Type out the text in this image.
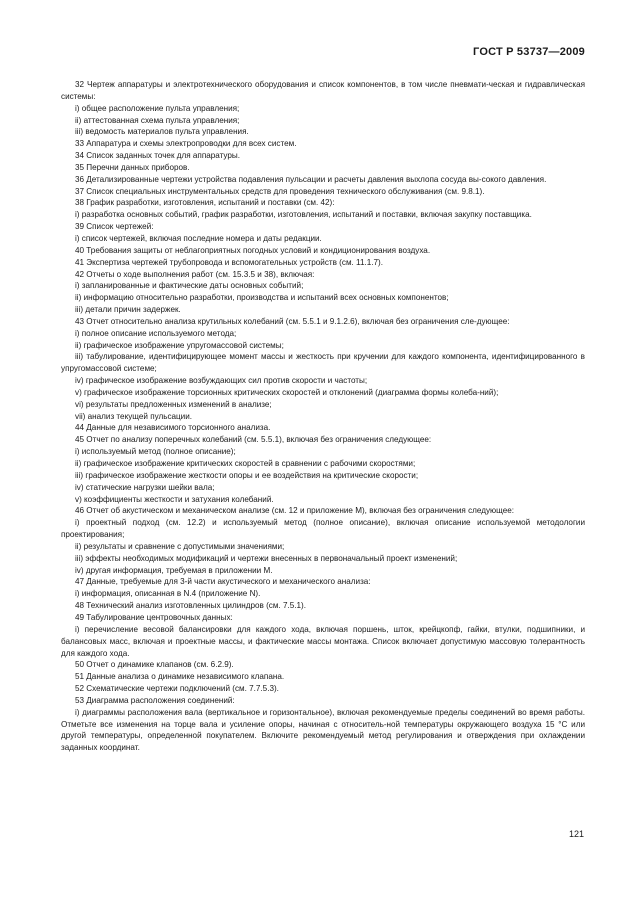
ГОСТ Р 53737—2009

32 Чертеж аппаратуры и электротехнического оборудования и список компонентов, в том числе пневмати-ческая и гидравлическая системы:

i) общее расположение пульта управления;

ii) аттестованная схема пульта управления;

iii) ведомость материалов пульта управления.

33 Аппаратура и схемы электропроводки для всех систем.

34 Список заданных точек для аппаратуры.

35 Перечни данных приборов.

36 Детализированные чертежи устройства подавления пульсации и расчеты давления выхлопа сосуда вы-сокого давления.

37 Список специальных инструментальных средств для проведения технического обслуживания (см. 9.8.1).

38 График разработки, изготовления, испытаний и поставки (см. 42):

i) разработка основных событий, график разработки, изготовления, испытаний и поставки, включая закупку поставщика.

39 Список чертежей:

i) список чертежей, включая последние номера и даты редакции.

40 Требования защиты от неблагоприятных погодных условий и кондиционирования воздуха.

41 Экспертиза чертежей трубопровода и вспомогательных устройств (см. 11.1.7).

42 Отчеты о ходе выполнения работ (см. 15.3.5 и 38), включая:

i) запланированные и фактические даты основных событий;

ii) информацию относительно разработки, производства и испытаний всех основных компонентов;

iii) детали причин задержек.

43 Отчет относительно анализа крутильных колебаний (см. 5.5.1 и 9.1.2.6), включая без ограничения сле-дующее:

i) полное описание используемого метода;

ii) графическое изображение упругомассовой системы;

iii) табулирование, идентифицирующее момент массы и жесткость при кручении для каждого компонента, идентифицированного в упругомассовой системе;

iv) графическое изображение возбуждающих сил против скорости и частоты;

v) графическое изображение торсионных критических скоростей и отклонений (диаграмма формы колеба-ний);

vi) результаты предложенных изменений в анализе;

vii) анализ текущей пульсации.

44 Данные для независимого торсионного анализа.

45 Отчет по анализу поперечных колебаний (см. 5.5.1), включая без ограничения следующее:

i) используемый метод (полное описание);

ii) графическое изображение критических скоростей в сравнении с рабочими скоростями;

iii) графическое изображение жесткости опоры и ее воздействия на критические скорости;

iv) статические нагрузки шейки вала;

v) коэффициенты жесткости и затухания колебаний.

46 Отчет об акустическом и механическом анализе (см. 12 и приложение М), включая без ограничения следующее:

i) проектный подход (см. 12.2) и используемый метод (полное описание), включая описание используемой методологии проектирования;

ii) результаты и сравнение с допустимыми значениями;

iii) эффекты необходимых модификаций и чертежи внесенных в первоначальный проект изменений;

iv) другая информация, требуемая в приложении М.

47 Данные, требуемые для 3-й части акустического и механического анализа:

i) информация, описанная в N.4 (приложение N).

48 Технический анализ изготовленных цилиндров (см. 7.5.1).

49 Табулирование центровочных данных:

i) перечисление весовой балансировки для каждого хода, включая поршень, шток, крейцкопф, гайки, втулки, подшипники, и балансовых масс, включая и проектные массы, и фактические массы монтажа. Список включает допустимую массовую толерантность для каждого хода.

50 Отчет о динамике клапанов (см. 6.2.9).

51 Данные анализа о динамике независимого клапана.

52 Схематические чертежи подключений (см. 7.7.5.3).

53 Диаграмма расположения соединений:

i) диаграммы расположения вала (вертикальное и горизонтальное), включая рекомендуемые пределы соединений во время работы. Отметьте все изменения на торце вала и усиление опоры, начиная с относитель-ной температуры окружающего воздуха 15 °С или другой температуры, определенной покупателем. Включите рекомендуемый метод регулирования и отверждения при охлаждении заданных координат.

121
